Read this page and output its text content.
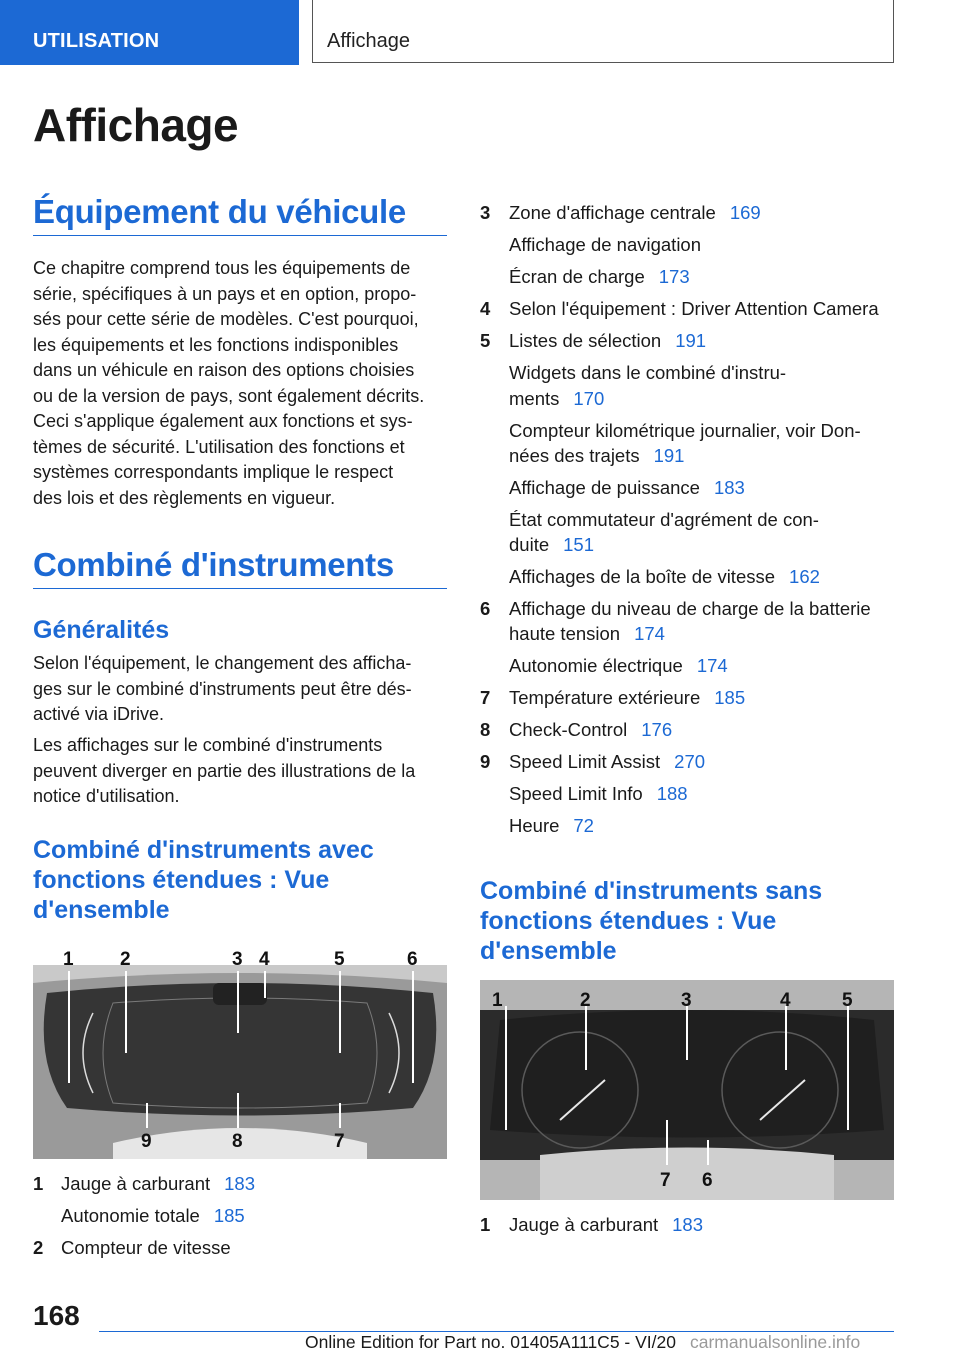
UTILISATION	Affichage
Affichage
Équipement du véhicule
Ce chapitre comprend tous les équipements de
série, spécifiques à un pays et en option, propo-
sés pour cette série de modèles. C'est pourquoi,
les équipements et les fonctions indisponibles
dans un véhicule en raison des options choisies
ou de la version de pays, sont également décrits.
Ceci s'applique également aux fonctions et sys-
tèmes de sécurité. L'utilisation des fonctions et
systèmes correspondants implique le respect
des lois et des règlements en vigueur.
Combiné d'instruments
Généralités
Selon l'équipement, le changement des afficha-
ges sur le combiné d'instruments peut être dés-
activé via iDrive.
Les affichages sur le combiné d'instruments
peuvent diverger en partie des illustrations de la
notice d'utilisation.
Combiné d'instruments avec
fonctions étendues : Vue
d'ensemble
1 2	3 4	5	6
9	8	7
1 Jauge à carburant 183
Autonomie totale 185
2 Compteur de vitesse
3 Zone d'affichage centrale 169
Affichage de navigation
Écran de charge 173
4 Selon l'équipement : Driver Attention Camera
5 Listes de sélection 191
Widgets dans le combiné d'instru-
ments 170
Compteur kilométrique journalier, voir Don-
nées des trajets 191
Affichage de puissance 183
État commutateur d'agrément de con-
duite 151
Affichages de la boîte de vitesse 162
6 Affichage du niveau de charge de la batterie
haute tension 174
Autonomie électrique 174
7 Température extérieure 185
8 Check-Control 176
9 Speed Limit Assist 270
Speed Limit Info 188
Heure 72
Combiné d'instruments sans
fonctions étendues : Vue
d'ensemble
1	2	3	4	5
7 6
1 Jauge à carburant 183
168
Online Edition for Part no. 01405A111C5 - VI/20 carmanualsonline.info
